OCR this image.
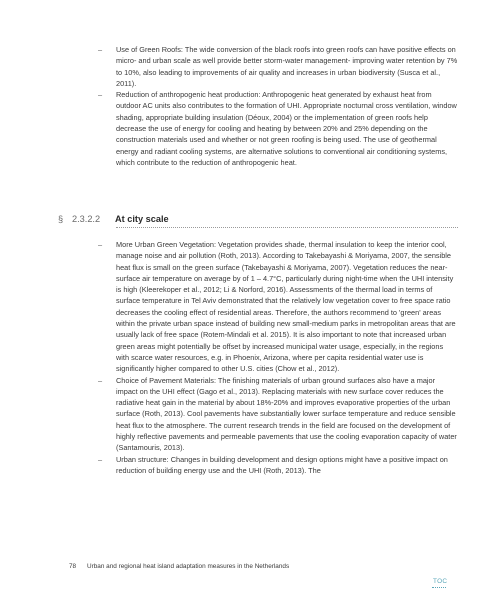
– Use of Green Roofs: The wide conversion of the black roofs into green roofs can have positive effects on micro- and urban scale as well provide better storm-water management- improving water retention by 7% to 10%, also leading to improvements of air quality and increases in urban biodiversity (Susca et al., 2011).

– Reduction of anthropogenic heat production: Anthropogenic heat generated by exhaust heat from outdoor AC units also contributes to the formation of UHI. Appropriate nocturnal cross ventilation, window shading, appropriate building insulation (Déoux, 2004) or the implementation of green roofs help decrease the use of energy for cooling and heating by between 20% and 25% depending on the construction materials used and whether or not green roofing is being used. The use of geothermal energy and radiant cooling systems, are alternative solutions to conventional air conditioning systems, which contribute to the reduction of anthropogenic heat.

§ 2.3.2.2 At city scale

– More Urban Green Vegetation: Vegetation provides shade, thermal insulation to keep the interior cool, manage noise and air pollution (Roth, 2013). According to Takebayashi & Moriyama, 2007, the sensible heat flux is small on the green surface (Takebayashi & Moriyama, 2007). Vegetation reduces the near-surface air temperature on average by of 1 – 4.7°C, particularly during night-time when the UHI intensity is high (Kleerekoper et al., 2012; Li & Norford, 2016). Assessments of the thermal load in terms of surface temperature in Tel Aviv demonstrated that the relatively low vegetation cover to free space ratio decreases the cooling effect of residential areas. Therefore, the authors recommend to 'green' areas within the private urban space instead of building new small-medium parks in metropolitan areas that are usually lack of free space (Rotem-Mindali et al. 2015). It is also important to note that increased urban green areas might potentially be offset by increased municipal water usage, especially, in the regions with scarce water resources, e.g. in Phoenix, Arizona, where per capita residential water use is significantly higher compared to other U.S. cities (Chow et al., 2012).

– Choice of Pavement Materials: The finishing materials of urban ground surfaces also have a major impact on the UHI effect (Gago et al., 2013). Replacing materials with new surface cover reduces the radiative heat gain in the material by about 18%-20% and improves evaporative properties of the urban surface (Roth, 2013). Cool pavements have substantially lower surface temperature and reduce sensible heat flux to the atmosphere. The current research trends in the field are focused on the development of highly reflective pavements and permeable pavements that use the cooling evaporation capacity of water (Santamouris, 2013).

– Urban structure: Changes in building development and design options might have a positive impact on reduction of building energy use and the UHI (Roth, 2013). The

78 Urban and regional heat island adaptation measures in the Netherlands
TOC
